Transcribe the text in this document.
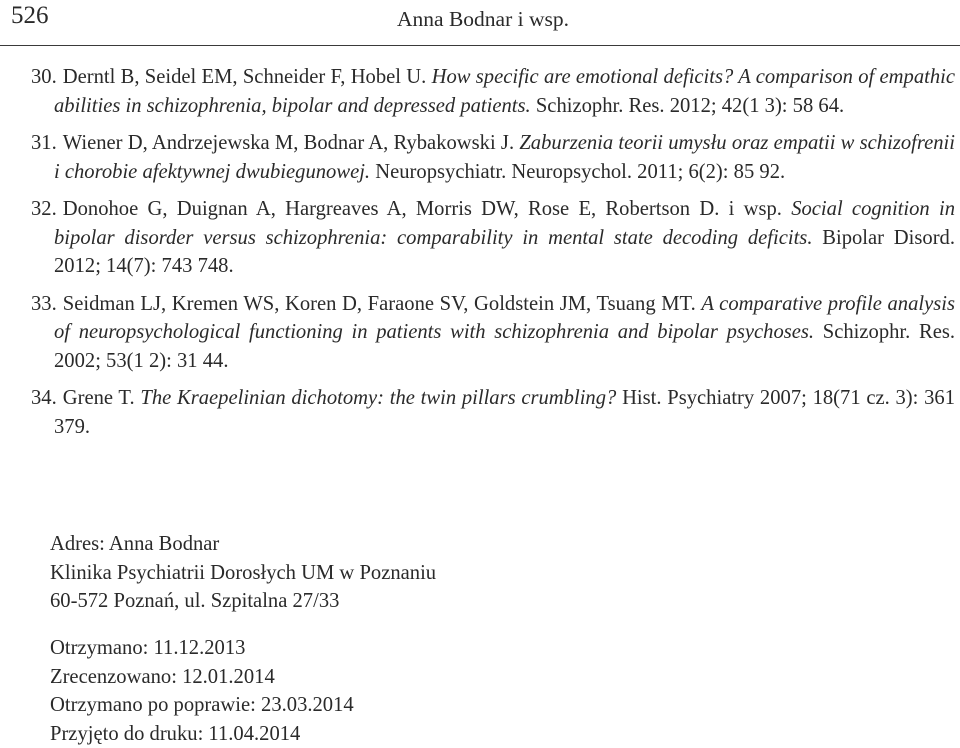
526	Anna Bodnar i wsp.
30. Derntl B, Seidel EM, Schneider F, Hobel U. How specific are emotional deficits? A comparison of empathic abilities in schizophrenia, bipolar and depressed patients. Schizophr. Res. 2012; 42(1 3): 58 64.
31. Wiener D, Andrzejewska M, Bodnar A, Rybakowski J. Zaburzenia teorii umysłu oraz empatii w schizofrenii i chorobie afektywnej dwubiegunowej. Neuropsychiatr. Neuropsychol. 2011; 6(2): 85 92.
32. Donohoe G, Duignan A, Hargreaves A, Morris DW, Rose E, Robertson D. i wsp. Social cognition in bipolar disorder versus schizophrenia: comparability in mental state decoding deficits. Bipolar Disord. 2012; 14(7): 743 748.
33. Seidman LJ, Kremen WS, Koren D, Faraone SV, Goldstein JM, Tsuang MT. A comparative profile analysis of neuropsychological functioning in patients with schizophrenia and bipolar psychoses. Schizophr. Res. 2002; 53(1 2): 31 44.
34. Grene T. The Kraepelinian dichotomy: the twin pillars crumbling? Hist. Psychiatry 2007; 18(71 cz. 3): 361 379.
Adres: Anna Bodnar
Klinika Psychiatrii Dorosłych UM w Poznaniu
60-572 Poznań, ul. Szpitalna 27/33
Otrzymano: 11.12.2013
Zrecenzowano: 12.01.2014
Otrzymano po poprawie: 23.03.2014
Przyjęto do druku: 11.04.2014
